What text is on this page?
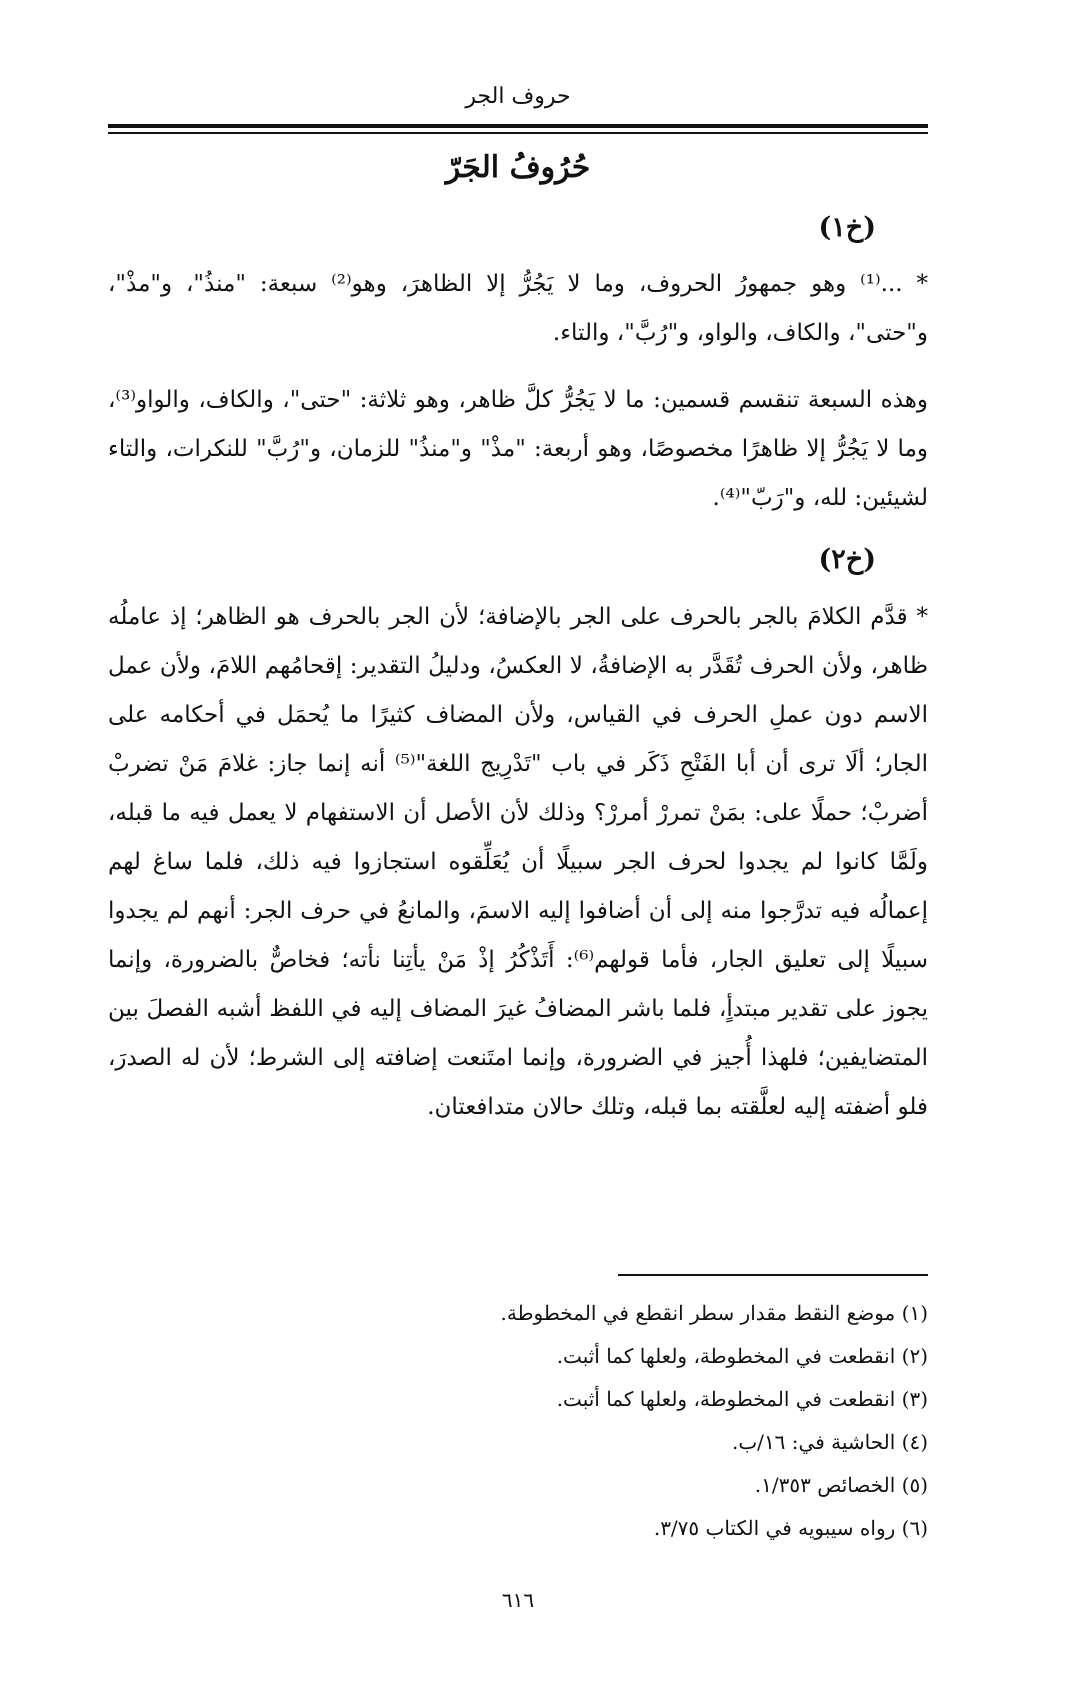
حروف الجر
حُرُوفُ الجَرّ
(خ١)
* ...⁽¹⁾ وهو جمهورُ الحروف، وما لا يَجُرُّ إلا الظاهرَ، وهو⁽²⁾ سبعة: "منذُ"، و"مذْ"، و"حتى"، والكاف، والواو، و"رُبَّ"، والتاء.
وهذه السبعة تنقسم قسمين: ما لا يَجُرُّ كلَّ ظاهر، وهو ثلاثة: "حتى"، والكاف، والواو⁽³⁾، وما لا يَجُرُّ إلا ظاهرًا مخصوصًا، وهو أربعة: "مذْ" و"منذُ" للزمان، و"رُبَّ" للنكرات، والتاء لشيئين: لله، و"رَبّ"⁽⁴⁾.
(خ٢)
* قدَّم الكلامَ بالجر بالحرف على الجر بالإضافة؛ لأن الجر بالحرف هو الظاهر؛ إذ عاملُه ظاهر، ولأن الحرف تُقَدَّر به الإضافةُ، لا العكسُ، ودليلُ التقدير: إقحامُهم اللامَ، ولأن عمل الاسم دون عملِ الحرف في القياس، ولأن المضاف كثيرًا ما يُحمَل في أحكامه على الجار؛ ألَا ترى أن أبا الفَتْحِ ذَكَر في باب "تَدْرِيج اللغة"⁽⁵⁾ أنه إنما جاز: غلامَ مَنْ تضربْ أضربْ؛ حملًا على: بمَنْ تمررْ أمررْ؟ وذلك لأن الأصل أن الاستفهام لا يعمل فيه ما قبله، ولَمَّا كانوا لم يجدوا لحرف الجر سبيلًا أن يُعَلِّقوه استجازوا فيه ذلك، فلما ساغ لهم إعمالُه فيه تدرَّجوا منه إلى أن أضافوا إليه الاسمَ، والمانعُ في حرف الجر: أنهم لم يجدوا سبيلًا إلى تعليق الجار، فأما قولهم⁽⁶⁾: أَتَذْكُرُ إذْ مَنْ يأتِنا نأته؛ فخاصٌّ بالضرورة، وإنما يجوز على تقدير مبتدأٍ، فلما باشر المضافُ غيرَ المضاف إليه في اللفظ أشبه الفصلَ بين المتضايفين؛ فلهذا أُجيز في الضرورة، وإنما امتَنعت إضافته إلى الشرط؛ لأن له الصدرَ، فلو أضفته إليه لعلَّقته بما قبله، وتلك حالان متدافعتان.
(١) موضع النقط مقدار سطر انقطع في المخطوطة.
(٢) انقطعت في المخطوطة، ولعلها كما أثبت.
(٣) انقطعت في المخطوطة، ولعلها كما أثبت.
(٤) الحاشية في: ١٦/ب.
(٥) الخصائص ١/٣٥٣.
(٦) رواه سيبويه في الكتاب ٣/٧٥.
٦١٦
